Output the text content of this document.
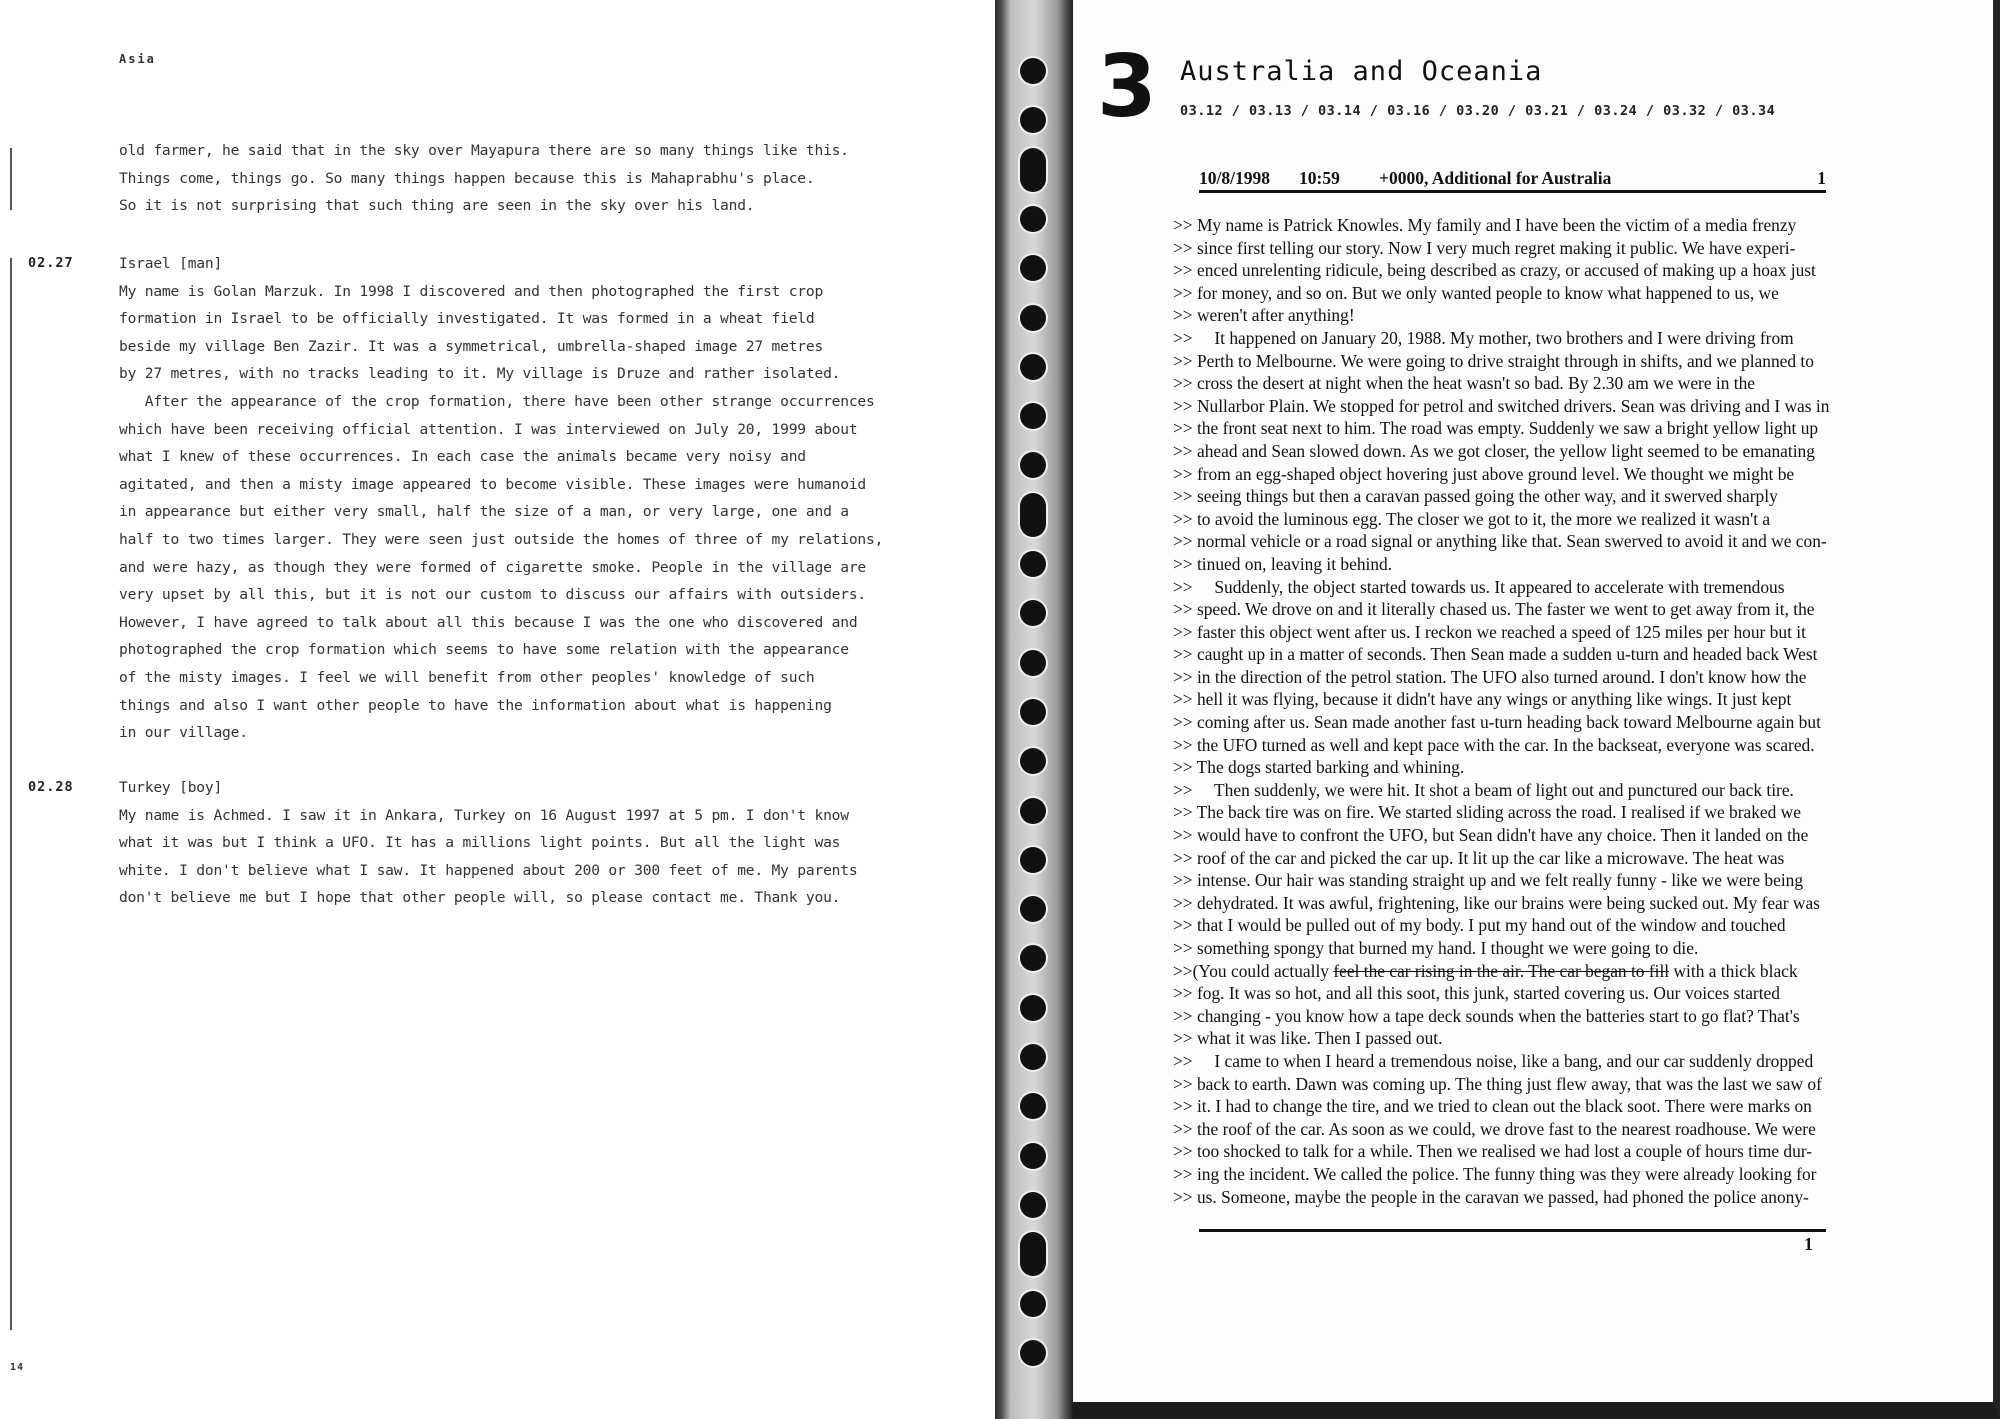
Asia
old farmer, he said that in the sky over Mayapura there are so many things like this.
Things come, things go. So many things happen because this is Mahaprabhu's place.
So it is not surprising that such thing are seen in the sky over his land.
02.27	Israel [man]
My name is Golan Marzuk. In 1998 I discovered and then photographed the first crop
formation in Israel to be officially investigated. It was formed in a wheat field
beside my village Ben Zazir. It was a symmetrical, umbrella-shaped image 27 metres
by 27 metres, with no tracks leading to it. My village is Druze and rather isolated.
After the appearance of the crop formation, there have been other strange occurrences
which have been receiving official attention. I was interviewed on July 20, 1999 about
what I knew of these occurrences. In each case the animals became very noisy and
agitated, and then a misty image appeared to become visible. These images were humanoid
in appearance but either very small, half the size of a man, or very large, one and a
half to two times larger. They were seen just outside the homes of three of my relations,
and were hazy, as though they were formed of cigarette smoke. People in the village are
very upset by all this, but it is not our custom to discuss our affairs with outsiders.
However, I have agreed to talk about all this because I was the one who discovered and
photographed the crop formation which seems to have some relation with the appearance
of the misty images. I feel we will benefit from other peoples' knowledge of such
things and also I want other people to have the information about what is happening
in our village.
02.28	Turkey [boy]
My name is Achmed. I saw it in Ankara, Turkey on 16 August 1997 at 5 pm. I don't know
what it was but I think a UFO. It has a millions light points. But all the light was
white. I don't believe what I saw. It happened about 200 or 300 feet of me. My parents
don't believe me but I hope that other people will, so please contact me. Thank you.
14
3 Australia and Oceania
03.12 / 03.13 / 03.14 / 03.16 / 03.20 / 03.21 / 03.24 / 03.32 / 03.34
10/8/1998 10:59 +0000, Additional for Australia	1
>> My name is Patrick Knowles. My family and I have been the victim of a media frenzy
>> since first telling our story. Now I very much regret making it public. We have experi-
>> enced unrelenting ridicule, being described as crazy, or accused of making up a hoax just
>> for money, and so on. But we only wanted people to know what happened to us, we
>> weren't after anything!
>>     It happened on January 20, 1988. My mother, two brothers and I were driving from
>> Perth to Melbourne. We were going to drive straight through in shifts, and we planned to
>> cross the desert at night when the heat wasn't so bad. By 2.30 am we were in the
>> Nullarbor Plain. We stopped for petrol and switched drivers. Sean was driving and I was in
>> the front seat next to him. The road was empty. Suddenly we saw a bright yellow light up
>> ahead and Sean slowed down. As we got closer, the yellow light seemed to be emanating
>> from an egg-shaped object hovering just above ground level. We thought we might be
>> seeing things but then a caravan passed going the other way, and it swerved sharply
>> to avoid the luminous egg. The closer we got to it, the more we realized it wasn't a
>> normal vehicle or a road signal or anything like that. Sean swerved to avoid it and we con-
>> tinued on, leaving it behind.
>>     Suddenly, the object started towards us. It appeared to accelerate with tremendous
>> speed. We drove on and it literally chased us. The faster we went to get away from it, the
>> faster this object went after us. I reckon we reached a speed of 125 miles per hour but it
>> caught up in a matter of seconds. Then Sean made a sudden u-turn and headed back West
>> in the direction of the petrol station. The UFO also turned around. I don't know how the
>> hell it was flying, because it didn't have any wings or anything like wings. It just kept
>> coming after us. Sean made another fast u-turn heading back toward Melbourne again but
>> the UFO turned as well and kept pace with the car. In the backseat, everyone was scared.
>> The dogs started barking and whining.
>>     Then suddenly, we were hit. It shot a beam of light out and punctured our back tire.
>> The back tire was on fire. We started sliding across the road. I realised if we braked we
>> would have to confront the UFO, but Sean didn't have any choice. Then it landed on the
>> roof of the car and picked the car up. It lit up the car like a microwave. The heat was
>> intense. Our hair was standing straight up and we felt really funny - like we were being
>> dehydrated. It was awful, frightening, like our brains were being sucked out. My fear was
>> that I would be pulled out of my body. I put my hand out of the window and touched
>> something spongy that burned my hand. I thought we were going to die.
>>(You could actually feel the car rising in the air. The car began to fill with a thick black
>> fog. It was so hot, and all this soot, this junk, started covering us. Our voices started
>> changing - you know how a tape deck sounds when the batteries start to go flat? That's
>> what it was like. Then I passed out.
>>     I came to when I heard a tremendous noise, like a bang, and our car suddenly dropped
>> back to earth. Dawn was coming up. The thing just flew away, that was the last we saw of
>> it. I had to change the tire, and we tried to clean out the black soot. There were marks on
>> the roof of the car. As soon as we could, we drove fast to the nearest roadhouse. We were
>> too shocked to talk for a while. Then we realised we had lost a couple of hours time dur-
>> ing the incident. We called the police. The funny thing was they were already looking for
>> us. Someone, maybe the people in the caravan we passed, had phoned the police anony-
1
